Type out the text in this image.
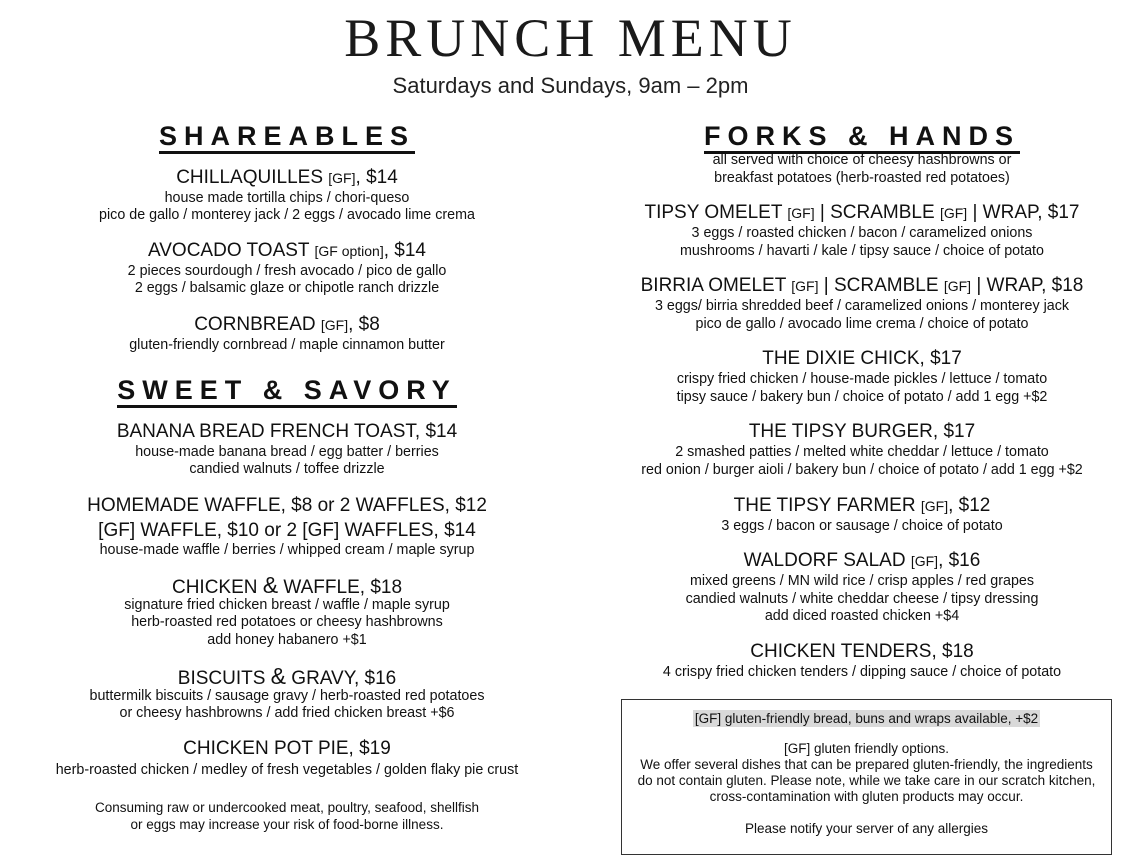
BRUNCH MENU
Saturdays and Sundays, 9am – 2pm
SHAREABLES
CHILLAQUILLES [GF], $14
house made tortilla chips / chori-queso
pico de gallo / monterey jack / 2 eggs / avocado lime crema
AVOCADO TOAST [GF option], $14
2 pieces sourdough / fresh avocado / pico de gallo
2 eggs / balsamic glaze or chipotle ranch drizzle
CORNBREAD [GF], $8
gluten-friendly cornbread / maple cinnamon butter
SWEET & SAVORY
BANANA BREAD FRENCH TOAST, $14
house-made banana bread / egg batter / berries
candied walnuts / toffee drizzle
HOMEMADE WAFFLE, $8 or 2 WAFFLES, $12
[GF] WAFFLE, $10 or 2 [GF] WAFFLES, $14
house-made waffle / berries / whipped cream / maple syrup
CHICKEN & WAFFLE, $18
signature fried chicken breast / waffle / maple syrup
herb-roasted red potatoes or cheesy hashbrowns
add honey habanero +$1
BISCUITS & GRAVY, $16
buttermilk biscuits / sausage gravy / herb-roasted red potatoes
or cheesy hashbrowns / add fried chicken breast +$6
CHICKEN POT PIE, $19
herb-roasted chicken / medley of fresh vegetables / golden flaky pie crust
Consuming raw or undercooked meat, poultry, seafood, shellfish
or eggs may increase your risk of food-borne illness.
FORKS & HANDS
all served with choice of cheesy hashbrowns or
breakfast potatoes (herb-roasted red potatoes)
TIPSY OMELET [GF] | SCRAMBLE [GF] | WRAP, $17
3 eggs / roasted chicken / bacon / caramelized onions
mushrooms / havarti / kale / tipsy sauce / choice of potato
BIRRIA OMELET [GF] | SCRAMBLE [GF] | WRAP, $18
3 eggs/ birria shredded beef / caramelized onions / monterey jack
pico de gallo / avocado lime crema / choice of potato
THE DIXIE CHICK, $17
crispy fried chicken / house-made pickles / lettuce / tomato
tipsy sauce / bakery bun / choice of potato / add 1 egg +$2
THE TIPSY BURGER, $17
2 smashed patties / melted white cheddar / lettuce / tomato
red onion / burger aioli / bakery bun / choice of potato / add 1 egg +$2
THE TIPSY FARMER [GF], $12
3 eggs / bacon or sausage / choice of potato
WALDORF SALAD [GF], $16
mixed greens / MN wild rice / crisp apples / red grapes
candied walnuts / white cheddar cheese / tipsy dressing
add diced roasted chicken +$4
CHICKEN TENDERS, $18
4 crispy fried chicken tenders / dipping sauce / choice of potato
[GF] gluten-friendly bread, buns and wraps available, +$2
[GF] gluten friendly options.
We offer several dishes that can be prepared gluten-friendly, the ingredients
do not contain gluten. Please note, while we take care in our scratch kitchen,
cross-contamination with gluten products may occur.
Please notify your server of any allergies
